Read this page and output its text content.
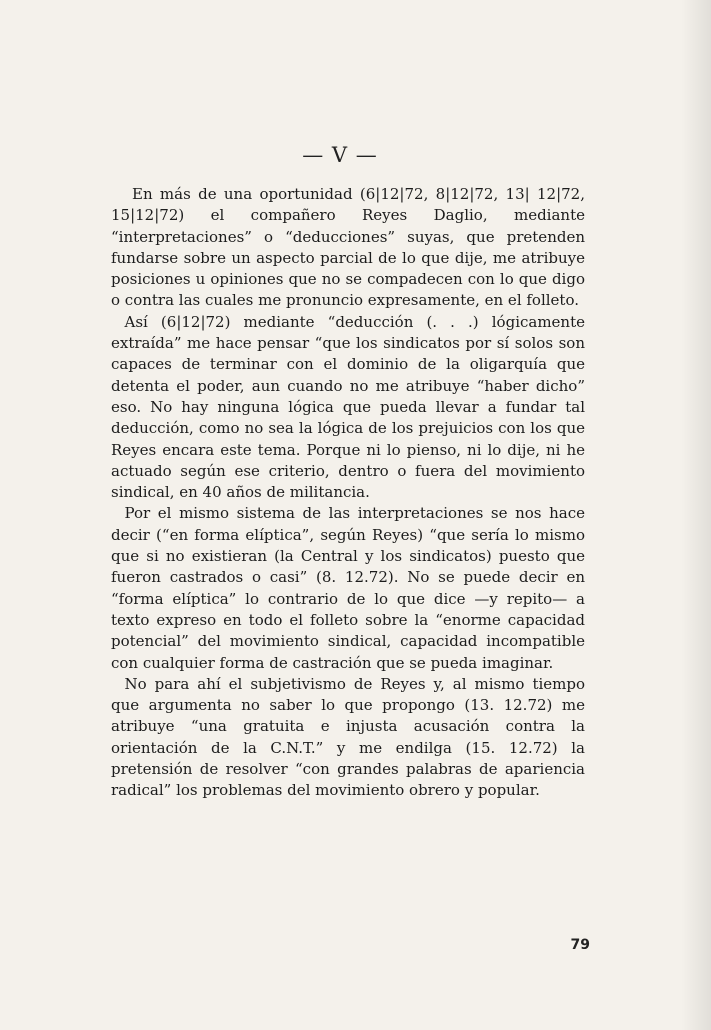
— V —

En más de una oportunidad (6|12|72, 8|12|72, 13| 12|72, 15|12|72) el compañero Reyes Daglio, mediante “interpretaciones” o “deducciones” suyas, que pretenden fundarse sobre un aspecto parcial de lo que dije, me atribuye posiciones u opiniones que no se compadecen con lo que digo o contra las cuales me pronuncio expresamente, en el folleto.

Así (6|12|72) mediante “deducción (. . .) lógicamente extraída” me hace pensar “que los sindicatos por sí solos son capaces de terminar con el dominio de la oligarquía que detenta el poder, aun cuando no me atribuye “haber dicho” eso. No hay ninguna lógica que pueda llevar a fundar tal deducción, como no sea la lógica de los prejuicios con los que Reyes encara este tema. Porque ni lo pienso, ni lo dije, ni he actuado según ese criterio, dentro o fuera del movimiento sindical, en 40 años de militancia.

Por el mismo sistema de las interpretaciones se nos hace decir (“en forma elíptica”, según Reyes) “que sería lo mismo que si no existieran (la Central y los sindicatos) puesto que fueron castrados o casi” (8. 12.72). No se puede decir en “forma elíptica” lo contrario de lo que dice —y repito— a texto expreso en todo el folleto sobre la “enorme capacidad potencial” del movimiento sindical, capacidad incompatible con cualquier forma de castración que se pueda imaginar.

No para ahí el subjetivismo de Reyes y, al mismo tiempo que argumenta no saber lo que propongo (13. 12.72) me atribuye “una gratuita e injusta acusación contra la orientación de la C.N.T.” y me endilga (15. 12.72) la pretensión de resolver “con grandes palabras de apariencia radical” los problemas del movimiento obrero y popular.

79
